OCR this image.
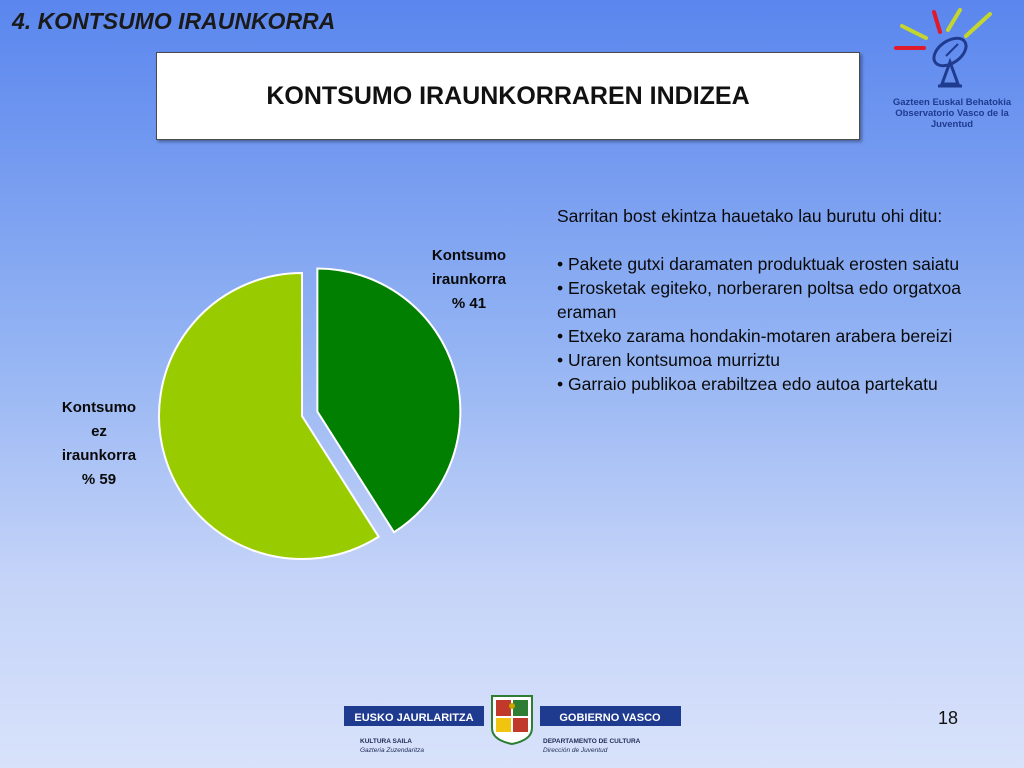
4. KONTSUMO IRAUNKORRA
KONTSUMO IRAUNKORRAREN INDIZEA	Gazteen Euskal Behatokia
Observatorio Vasco de la Juventud
Kontsumo
iraunkorra
% 41
Kontsumo
ez
iraunkorra
% 59
Sarritan bost ekintza hauetako lau burutu ohi ditu:
• Pakete gutxi daramaten produktuak erosten saiatu
• Erosketak egiteko, norberaren poltsa edo orgatxoa eraman
• Etxeko zarama hondakin-motaren arabera bereizi
• Uraren kontsumoa murriztu
• Garraio publikoa erabiltzea edo autoa partekatu
EUSKO JAURLARITZA	GOBIERNO VASCO
KULTURA SAILA
Gazteria Zuzendaritza
DEPARTAMENTO DE CULTURA
Dirección de Juventud
18
